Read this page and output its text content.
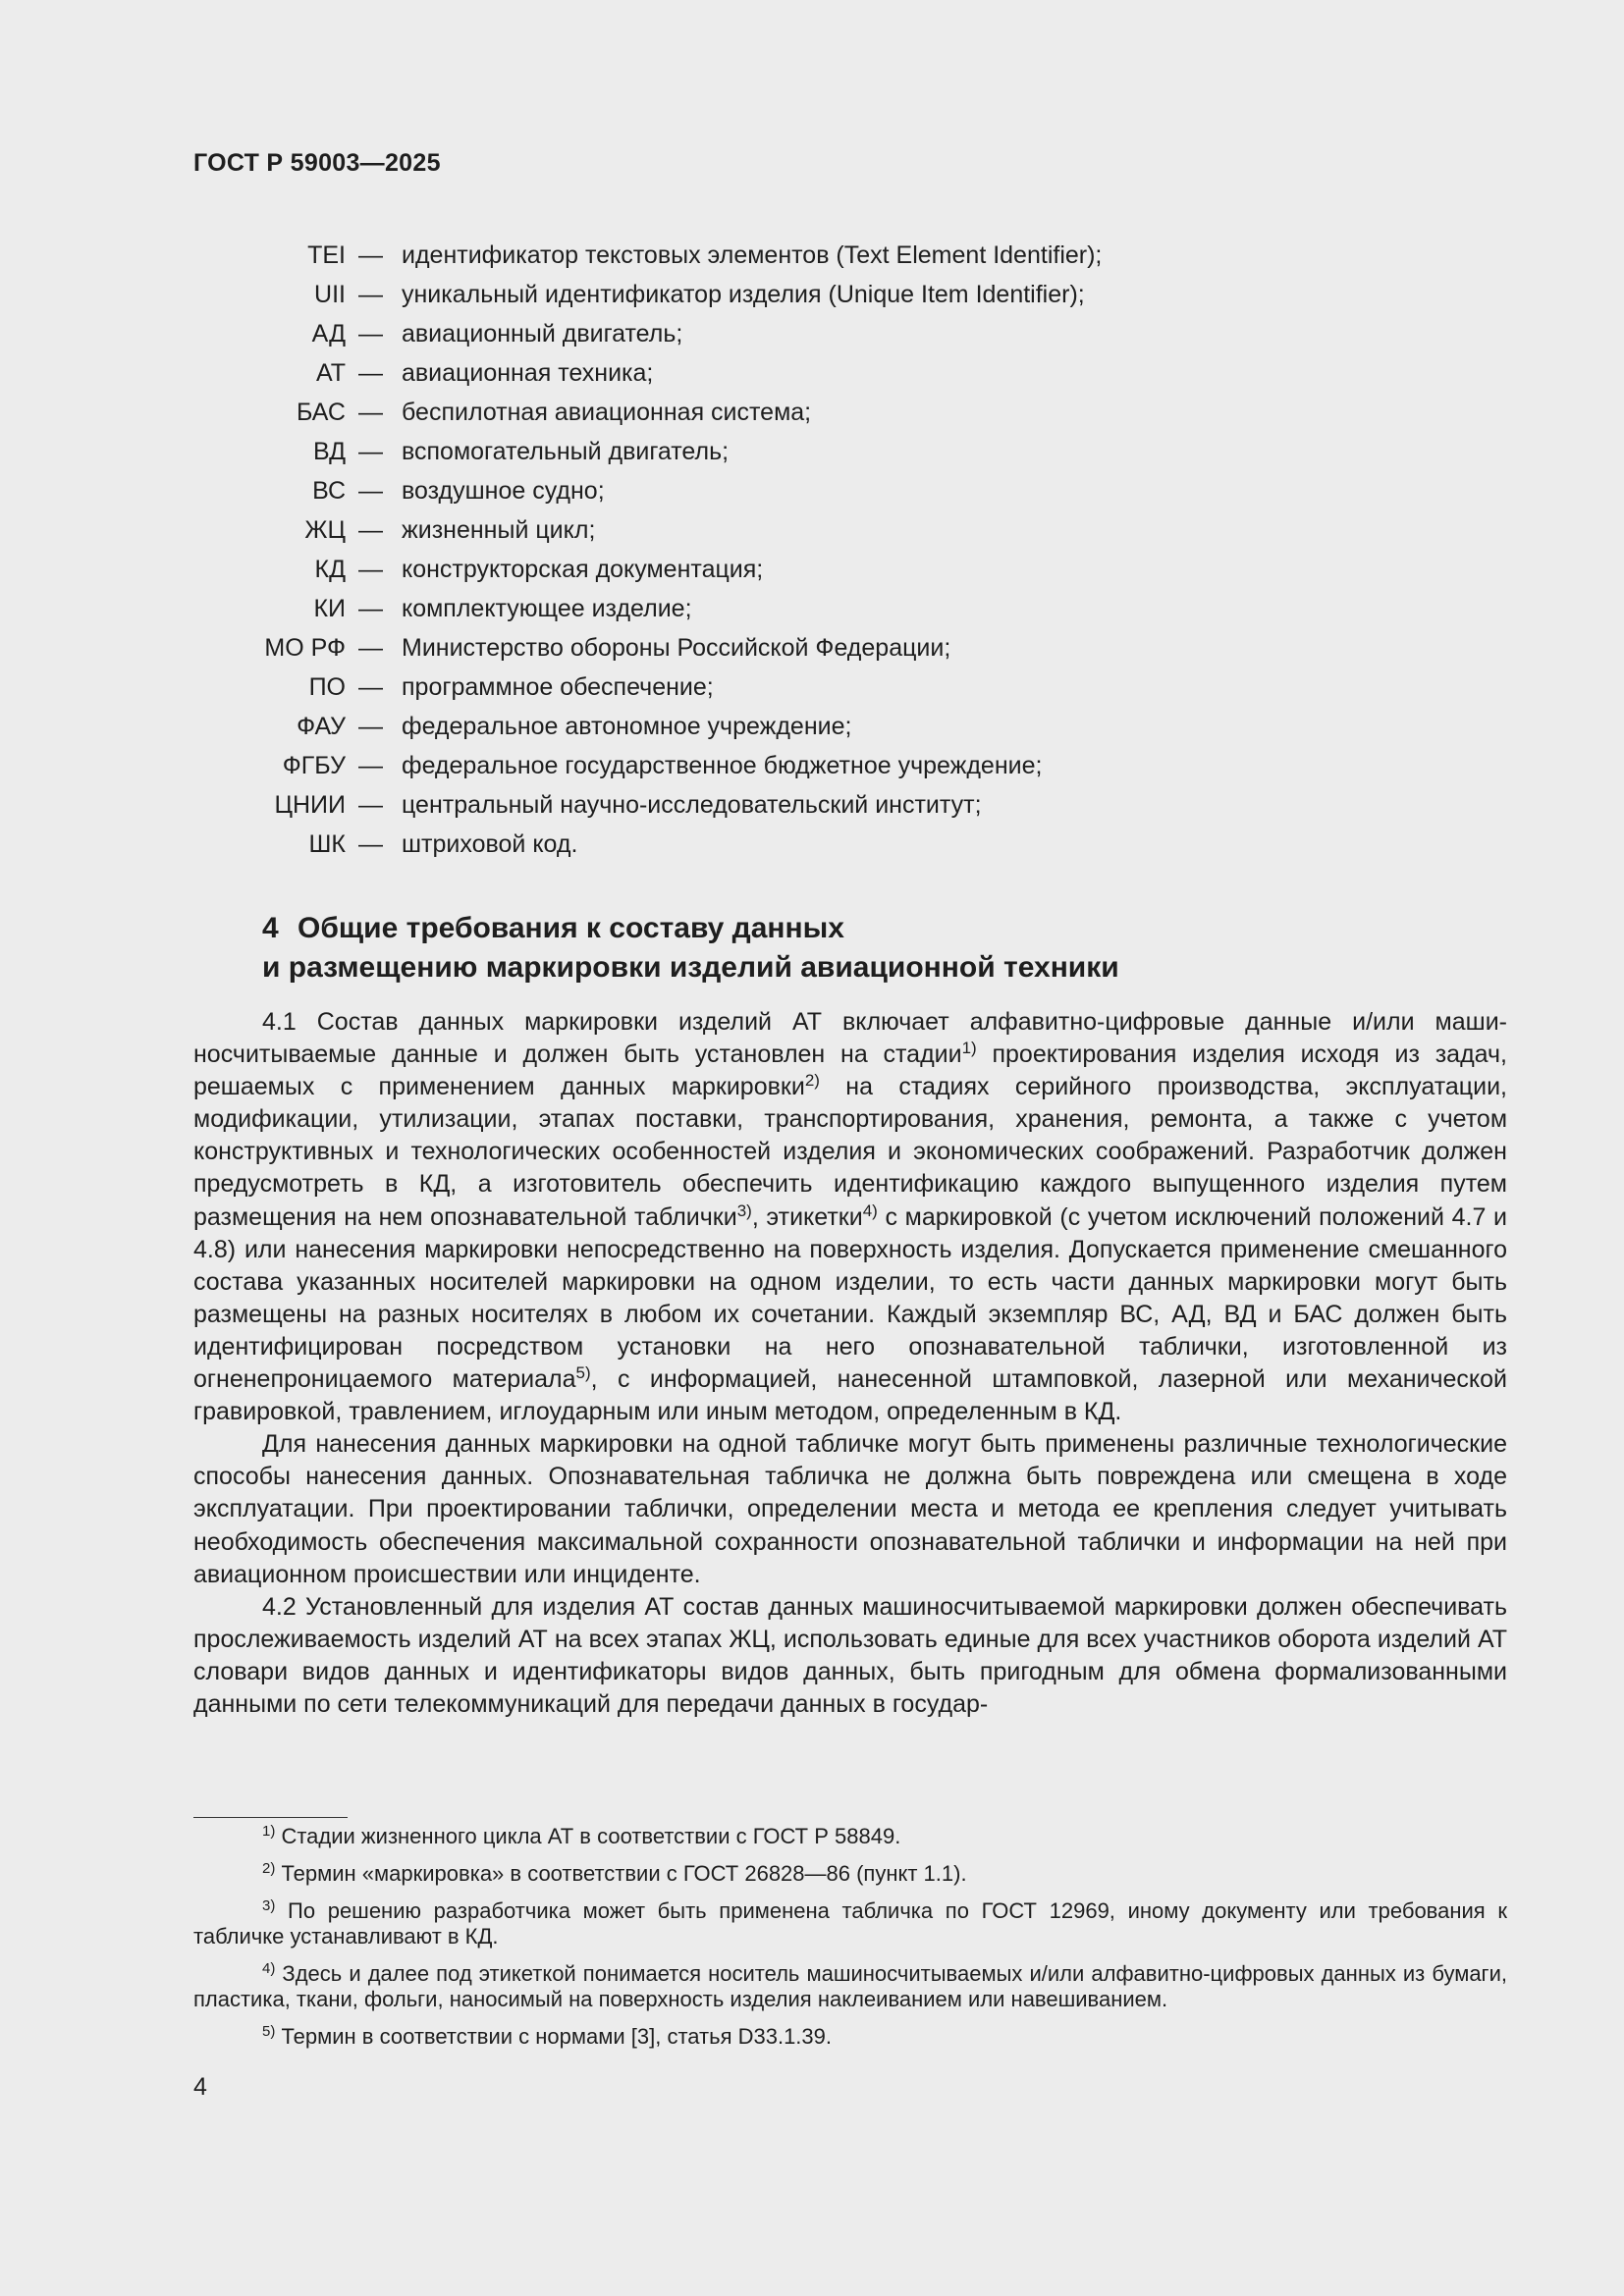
ГОСТ Р 59003—2025
TEI — идентификатор текстовых элементов (Text Element Identifier);
UII — уникальный идентификатор изделия (Unique Item Identifier);
АД — авиационный двигатель;
АТ — авиационная техника;
БАС — беспилотная авиационная система;
ВД — вспомогательный двигатель;
ВС — воздушное судно;
ЖЦ — жизненный цикл;
КД — конструкторская документация;
КИ — комплектующее изделие;
МО РФ — Министерство обороны Российской Федерации;
ПО — программное обеспечение;
ФАУ — федеральное автономное учреждение;
ФГБУ — федеральное государственное бюджетное учреждение;
ЦНИИ — центральный научно-исследовательский институт;
ШК — штриховой код.
4 Общие требования к составу данных
и размещению маркировки изделий авиационной техники

4.1 Состав данных маркировки изделий АТ включает алфавитно-цифровые данные и/или машиносчитываемые данные и должен быть установлен на стадии$^{1)}$ проектирования изделия исходя из задач, решаемых с применением данных маркировки$^{2)}$ на стадиях серийного производства, эксплуатации, модификации, утилизации, этапах поставки, транспортирования, хранения, ремонта, а также с учетом конструктивных и технологических особенностей изделия и экономических соображений. Разработчик должен предусмотреть в КД, а изготовитель обеспечить идентификацию каждого выпущенного изделия путем размещения на нем опознавательной таблички$^{3)}$, этикетки$^{4)}$ с маркировкой (с учетом исключений положений 4.7 и 4.8) или нанесения маркировки непосредственно на поверхность изделия. Допускается применение смешанного состава указанных носителей маркировки на одном изделии, то есть части данных маркировки могут быть размещены на разных носителях в любом их сочетании. Каждый экземпляр ВС, АД, ВД и БАС должен быть идентифицирован посредством установки на него опознавательной таблички, изготовленной из огненепроницаемого материала$^{5)}$, с информацией, нанесенной штамповкой, лазерной или механической гравировкой, травлением, иглоударным или иным методом, определенным в КД.

Для нанесения данных маркировки на одной табличке могут быть применены различные технологические способы нанесения данных. Опознавательная табличка не должна быть повреждена или смещена в ходе эксплуатации. При проектировании таблички, определении места и метода ее крепления следует учитывать необходимость обеспечения максимальной сохранности опознавательной таблички и информации на ней при авиационном происшествии или инциденте.

4.2 Установленный для изделия АТ состав данных машиносчитываемой маркировки должен обеспечивать прослеживаемость изделий АТ на всех этапах ЖЦ, использовать единые для всех участников оборота изделий АТ словари видов данных и идентификаторы видов данных, быть пригодным для обмена формализованными данными по сети телекоммуникаций для передачи данных в государ-

$^{1)}$ Стадии жизненного цикла АТ в соответствии с ГОСТ Р 58849.

$^{2)}$ Термин «маркировка» в соответствии с ГОСТ 26828—86 (пункт 1.1).

$^{3)}$ По решению разработчика может быть применена табличка по ГОСТ 12969, иному документу или требования к табличке устанавливают в КД.

$^{4)}$ Здесь и далее под этикеткой понимается носитель машиносчитываемых и/или алфавитно-цифровых данных из бумаги, пластика, ткани, фольги, наносимый на поверхность изделия наклеиванием или навешиванием.

$^{5)}$ Термин в соответствии с нормами [3], статья D33.1.39.

4
